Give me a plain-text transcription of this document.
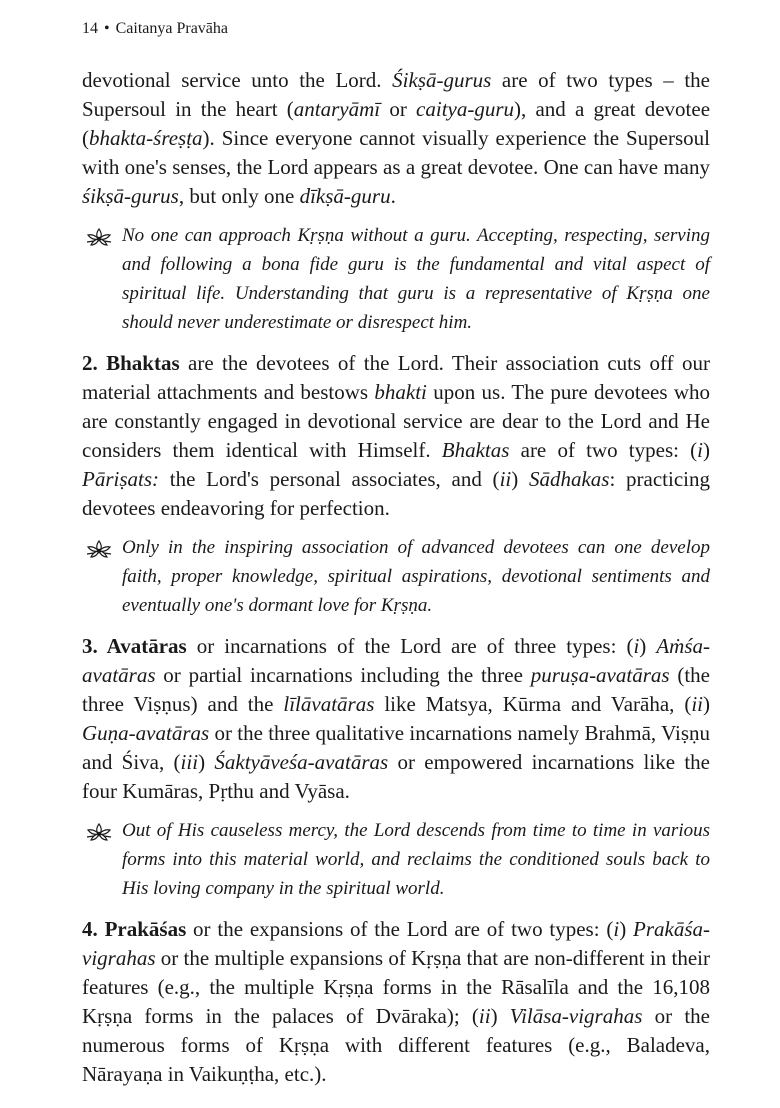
14 • Caitanya Pravāha

devotional service unto the Lord. Śikṣā-gurus are of two types – the Supersoul in the heart (antaryāmī or caitya-guru), and a great devotee (bhakta-śreṣṭa). Since everyone cannot visually experience the Supersoul with one's senses, the Lord appears as a great devotee. One can have many śikṣā-gurus, but only one dīkṣā-guru.

No one can approach Kṛṣṇa without a guru. Accepting, respecting, serving and following a bona fide guru is the fundamental and vital aspect of spiritual life. Understanding that guru is a representative of Kṛṣṇa one should never underestimate or disrespect him.

2. Bhaktas are the devotees of the Lord. Their association cuts off our material attachments and bestows bhakti upon us. The pure devotees who are constantly engaged in devotional service are dear to the Lord and He considers them identical with Himself. Bhaktas are of two types: (i) Pāriṣats: the Lord's personal associates, and (ii) Sādhakas: practicing devotees endeavoring for perfection.

Only in the inspiring association of advanced devotees can one develop faith, proper knowledge, spiritual aspirations, devotional sentiments and eventually one's dormant love for Kṛṣṇa.

3. Avatāras or incarnations of the Lord are of three types: (i) Aṁśa-avatāras or partial incarnations including the three puruṣa-avatāras (the three Viṣṇus) and the līlāvatāras like Matsya, Kūrma and Varāha, (ii) Guṇa-avatāras or the three qualitative incarnations namely Brahmā, Viṣṇu and Śiva, (iii) Śaktyāveśa-avatāras or empowered incarnations like the four Kumāras, Pṛthu and Vyāsa.

Out of His causeless mercy, the Lord descends from time to time in various forms into this material world, and reclaims the conditioned souls back to His loving company in the spiritual world.

4. Prakāśas or the expansions of the Lord are of two types: (i) Prakāśa-vigrahas or the multiple expansions of Kṛṣṇa that are non-different in their features (e.g., the multiple Kṛṣṇa forms in the Rāsalīla and the 16,108 Kṛṣṇa forms in the palaces of Dvāraka); (ii) Vilāsa-vigrahas or the numerous forms of Kṛṣṇa with different features (e.g., Baladeva, Nārayaṇa in Vaikuṇṭha, etc.).
